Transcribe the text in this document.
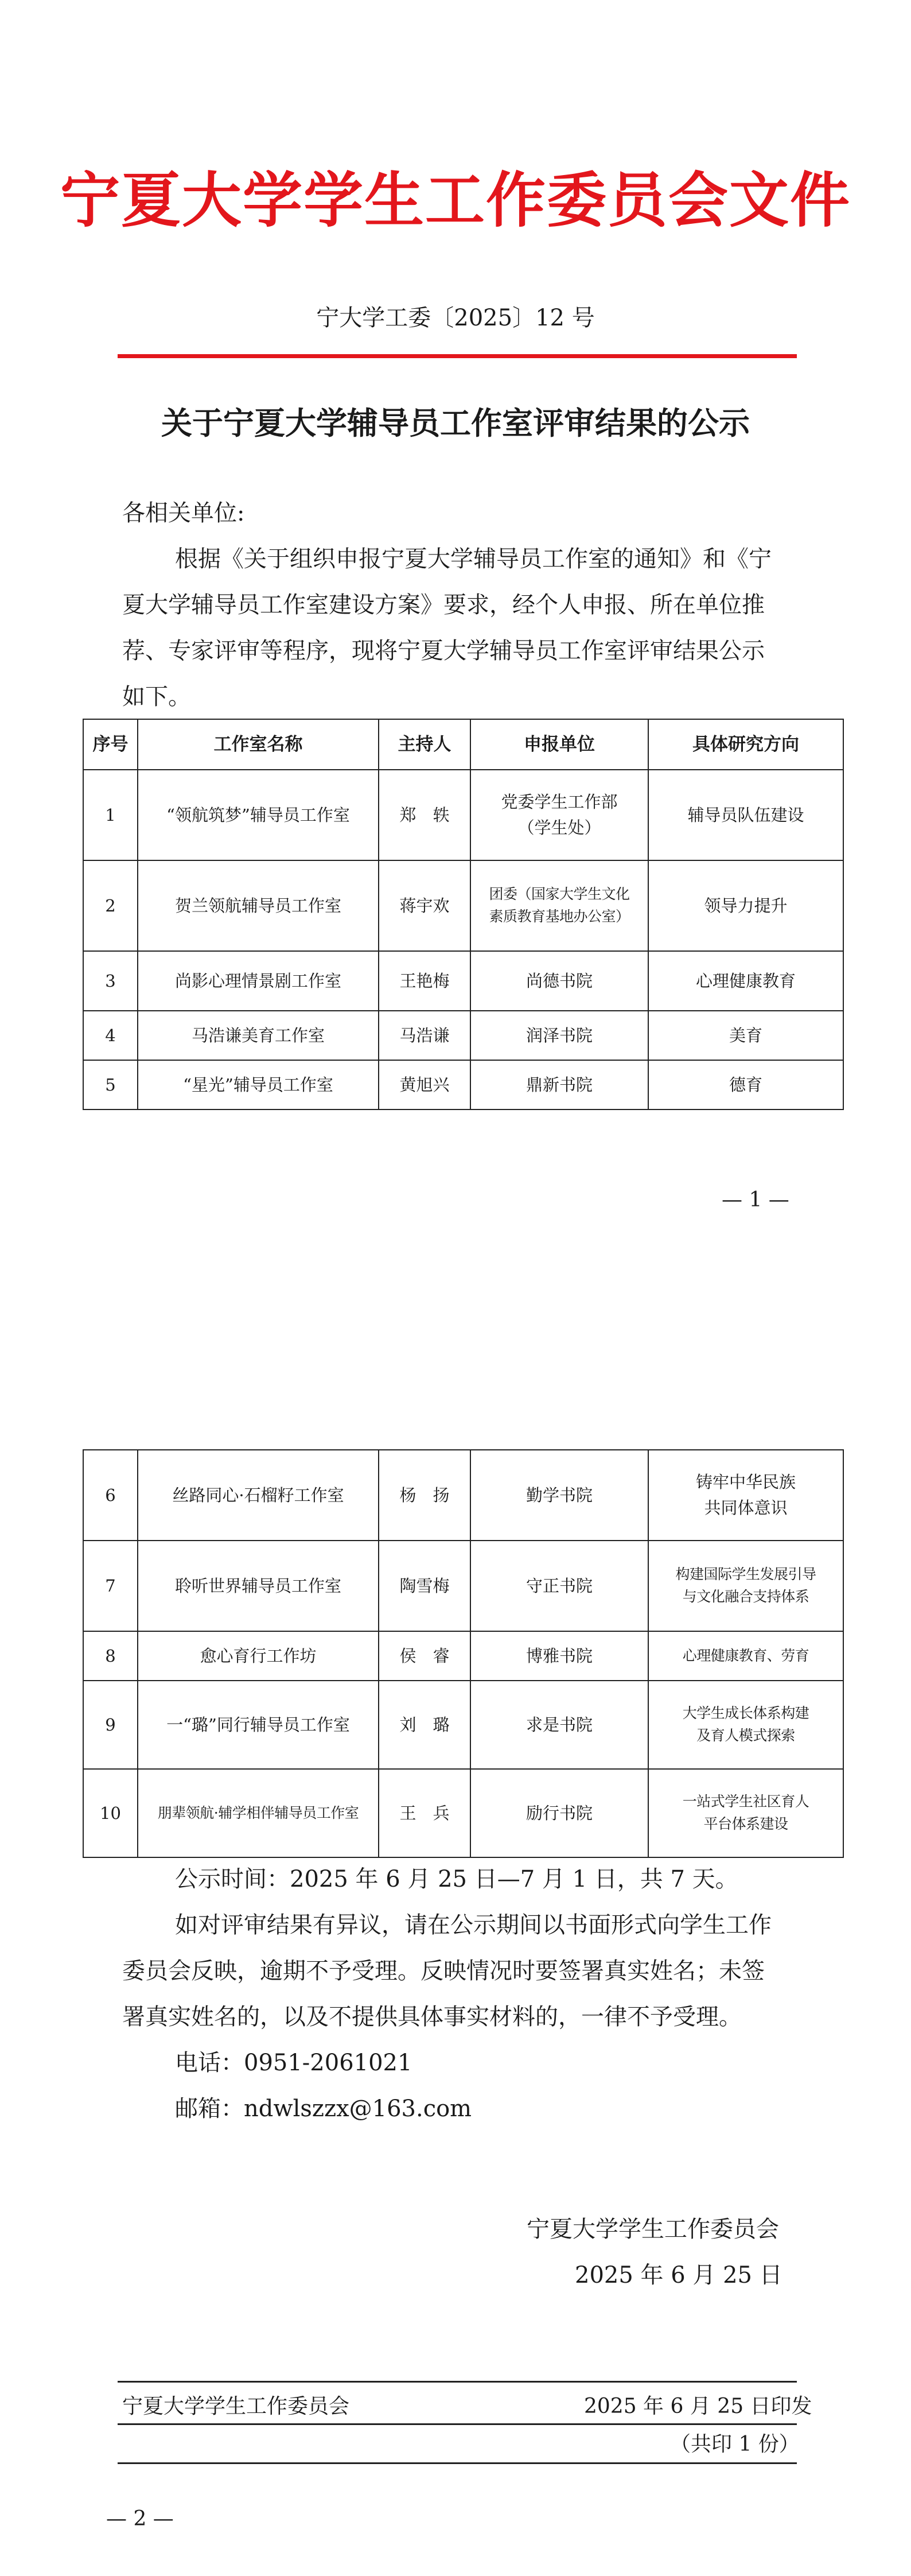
宁夏大学学生工作委员会文件
宁大学工委〔2025〕12 号
关于宁夏大学辅导员工作室评审结果的公示
各相关单位:
根据《关于组织申报宁夏大学辅导员工作室的通知》和《宁
夏大学辅导员工作室建设方案》要求，经个人申报、所在单位推
荐、专家评审等程序，现将宁夏大学辅导员工作室评审结果公示
如下。
序号	工作室名称	主持人	申报单位	具体研究方向
1	“领航筑梦”辅导员工作室	郑　轶	党委学生工作部
（学生处）	辅导员队伍建设
2	贺兰领航辅导员工作室	蒋宇欢	团委（国家大学生文化
素质教育基地办公室）	领导力提升
3	尚影心理情景剧工作室	王艳梅	尚德书院	心理健康教育
4	马浩谦美育工作室	马浩谦	润泽书院	美育
5	“星光”辅导员工作室	黄旭兴	鼎新书院	德育
— 1 —
6	丝路同心·石榴籽工作室	杨　扬	勤学书院	铸牢中华民族
共同体意识

7	聆听世界辅导员工作室	陶雪梅	守正书院	构建国际学生发展引导
与文化融合支持体系

8	愈心育行工作坊	侯　睿	博雅书院	心理健康教育、劳育
9	一“璐”同行辅导员工作室	刘　璐	求是书院	大学生成长体系构建
及育人模式探索

10	朋辈领航·辅学相伴辅导员工作室	王　兵	励行书院	一站式学生社区育人
平台体系建设
公示时间：2025 年 6 月 25 日—7 月 1 日，共 7 天。
如对评审结果有异议，请在公示期间以书面形式向学生工作
委员会反映，逾期不予受理。反映情况时要签署真实姓名；未签
署真实姓名的，以及不提供具体事实材料的，一律不予受理。
电话：0951-2061021
邮箱：ndwlszzx@163.com
宁夏大学学生工作委员会
2025 年 6 月 25 日
宁夏大学学生工作委员会	2025 年 6 月 25 日印发
（共印 1 份）
— 2 —
